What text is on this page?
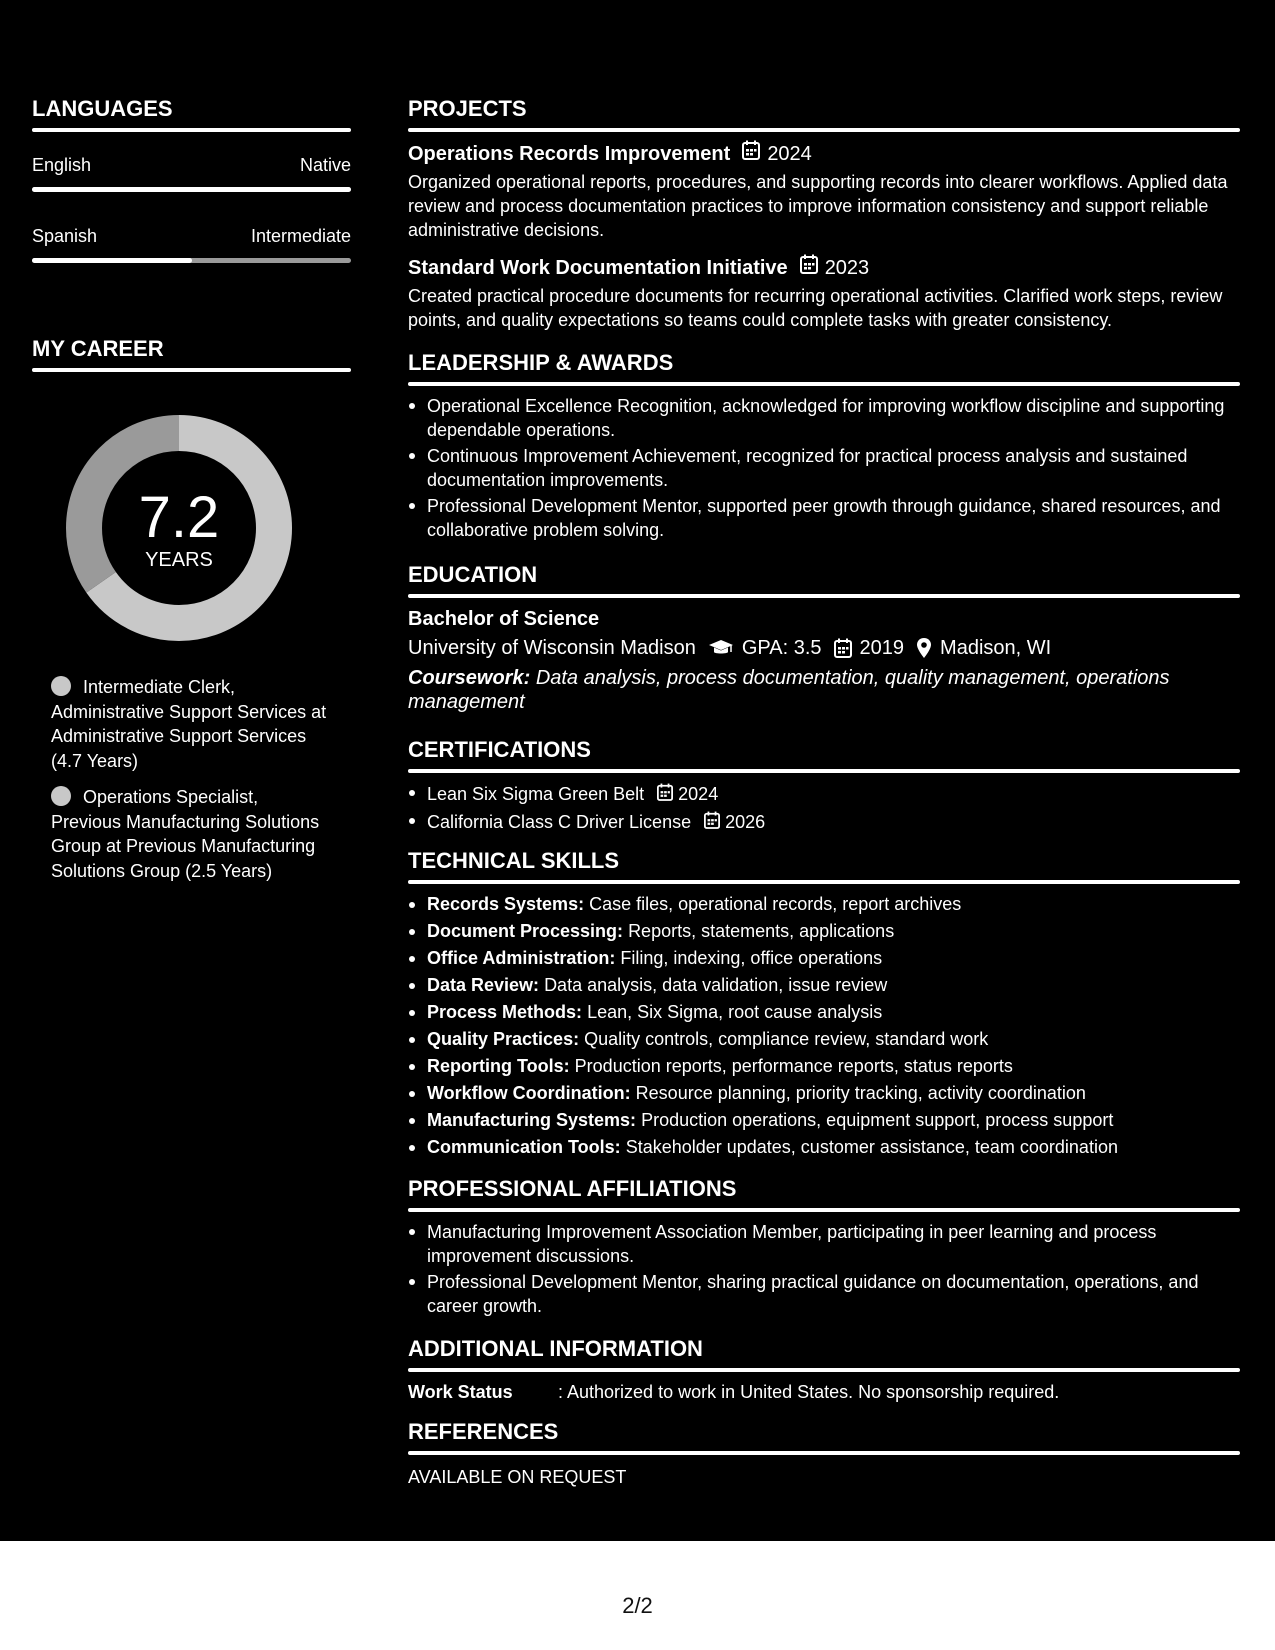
LANGUAGES
English	Native
Spanish	Intermediate
MY CAREER
7.2
YEARS
Intermediate Clerk, Administrative Support Services at Administrative Support Services (4.7 Years)
Operations Specialist, Previous Manufacturing Solutions Group at Previous Manufacturing Solutions Group (2.5 Years)
PROJECTS
Operations Records Improvement 2024
Organized operational reports, procedures, and supporting records into clearer workflows. Applied data review and process documentation practices to improve information consistency and support reliable administrative decisions.
Standard Work Documentation Initiative 2023
Created practical procedure documents for recurring operational activities. Clarified work steps, review points, and quality expectations so teams could complete tasks with greater consistency.
LEADERSHIP & AWARDS
Operational Excellence Recognition, acknowledged for improving workflow discipline and supporting dependable operations.
Continuous Improvement Achievement, recognized for practical process analysis and sustained documentation improvements.
Professional Development Mentor, supported peer growth through guidance, shared resources, and collaborative problem solving.
EDUCATION
Bachelor of Science
University of Wisconsin Madison GPA: 3.5 2019 Madison, WI
Coursework: Data analysis, process documentation, quality management, operations management
CERTIFICATIONS
Lean Six Sigma Green Belt 2024
California Class C Driver License 2026
TECHNICAL SKILLS
Records Systems: Case files, operational records, report archives
Document Processing: Reports, statements, applications
Office Administration: Filing, indexing, office operations
Data Review: Data analysis, data validation, issue review
Process Methods: Lean, Six Sigma, root cause analysis
Quality Practices: Quality controls, compliance review, standard work
Reporting Tools: Production reports, performance reports, status reports
Workflow Coordination: Resource planning, priority tracking, activity coordination
Manufacturing Systems: Production operations, equipment support, process support
Communication Tools: Stakeholder updates, customer assistance, team coordination
PROFESSIONAL AFFILIATIONS
Manufacturing Improvement Association Member, participating in peer learning and process improvement discussions.
Professional Development Mentor, sharing practical guidance on documentation, operations, and career growth.
ADDITIONAL INFORMATION
Work Status	: Authorized to work in United States. No sponsorship required.
REFERENCES
AVAILABLE ON REQUEST
2/2
